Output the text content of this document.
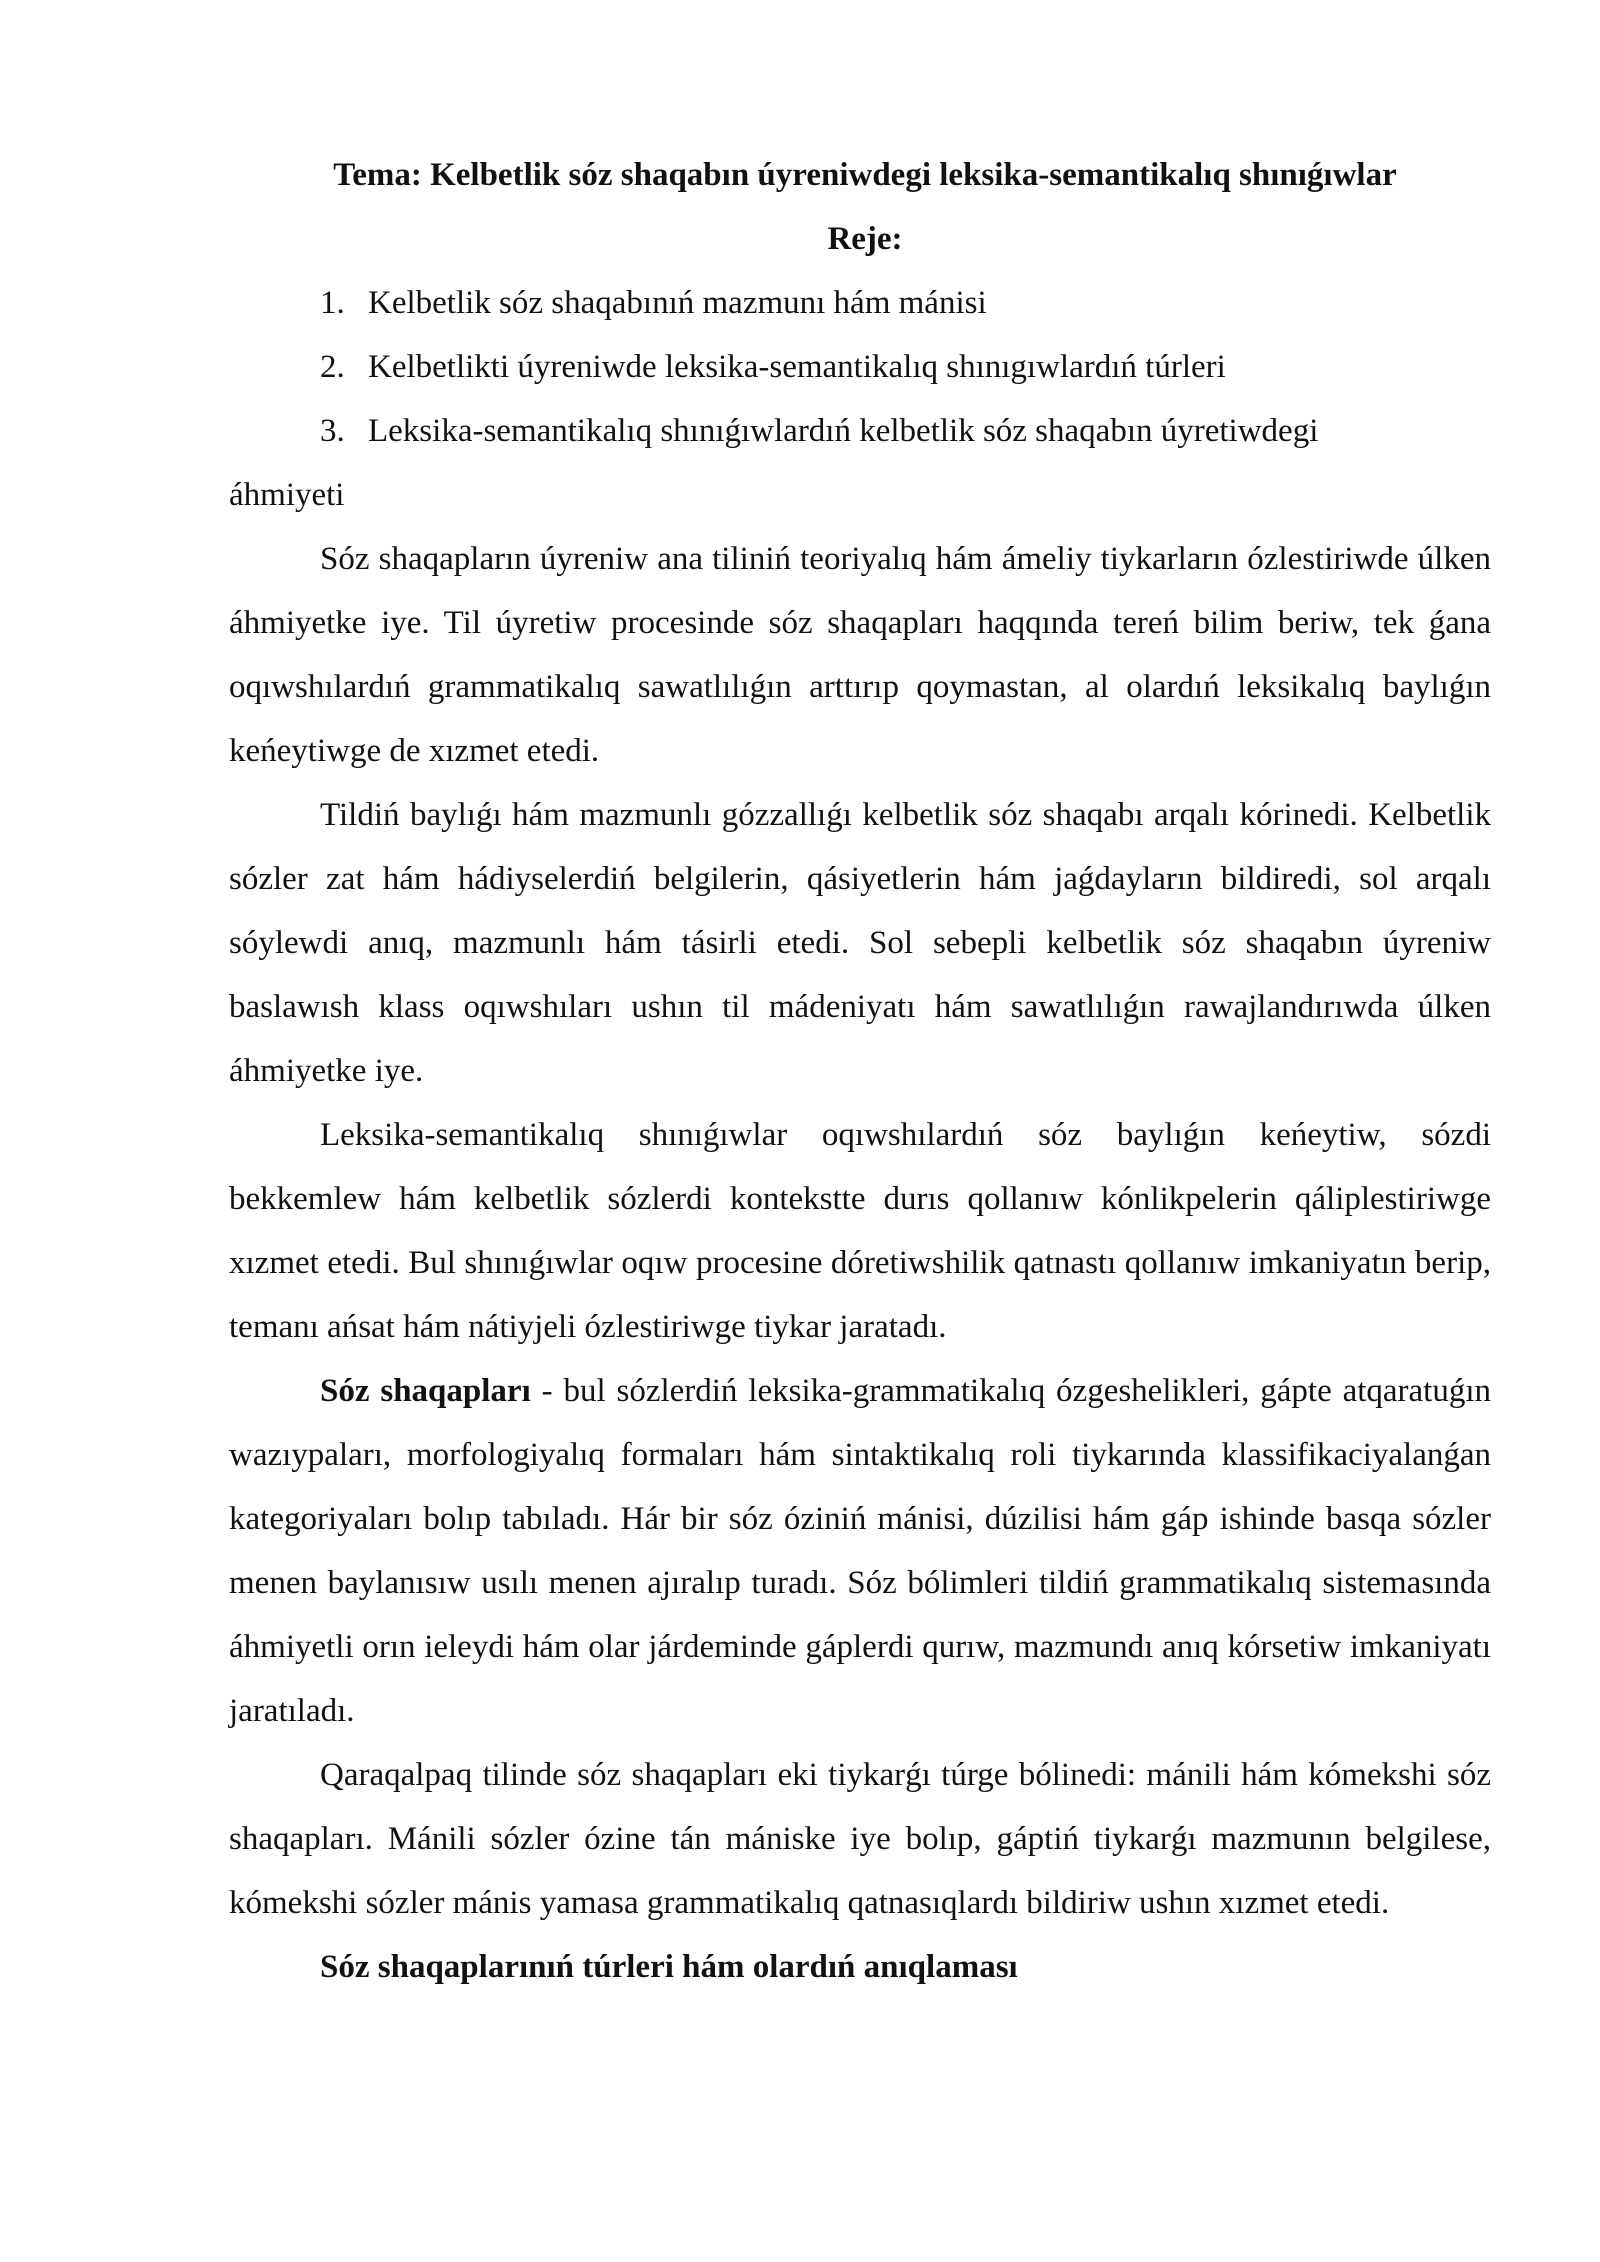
Tema: Kelbetlik sóz shaqabın úyreniwdegi leksika-semantikalıq shınıǵıwlar

Reje:

1. Kelbetlik sóz shaqabınıń mazmunı hám mánisi

2. Kelbetlikti úyreniwde leksika-semantikalıq shınıgıwlardıń túrleri

3. Leksika-semantikalıq shınıǵıwlardıń kelbetlik sóz shaqabın úyretiwdegi

áhmiyeti

Sóz shaqapların úyreniw ana tiliniń teoriyalıq hám ámeliy tiykarların ózlestiriwde úlken áhmiyetke iye. Til úyretiw procesinde sóz shaqapları haqqında tereń bilim beriw, tek ǵana oqıwshılardıń grammatikalıq sawatlılıǵın arttırıp qoymastan, al olardıń leksikalıq baylıǵın keńeytiwge de xızmet etedi.

Tildiń baylıǵı hám mazmunlı gózzallıǵı kelbetlik sóz shaqabı arqalı kórinedi. Kelbetlik sózler zat hám hádiyselerdiń belgilerin, qásiyetlerin hám jaǵdayların bildiredi, sol arqalı sóylewdi anıq, mazmunlı hám tásirli etedi. Sol sebepli kelbetlik sóz shaqabın úyreniw baslawısh klass oqıwshıları ushın til mádeniyatı hám sawatlılıǵın rawajlandırıwda úlken áhmiyetke iye.

Leksika-semantikalıq shınıǵıwlar oqıwshılardıń sóz baylıǵın keńeytiw, sózdi bekkemlew hám kelbetlik sózlerdi kontekstte durıs qollanıw kónlikpelerin qáliplestiriwge xızmet etedi. Bul shınıǵıwlar oqıw procesine dóretiwshilik qatnastı qollanıw imkaniyatın berip, temanı ańsat hám nátiyjeli ózlestiriwge tiykar jaratadı.

Sóz shaqapları - bul sózlerdiń leksika-grammatikalıq ózgeshelikleri, gápte atqaratuǵın wazıypaları, morfologiyalıq formaları hám sintaktikalıq roli tiykarında klassifikaciyalanǵan kategoriyaları bolıp tabıladı. Hár bir sóz óziniń mánisi, dúzilisi hám gáp ishinde basqa sózler menen baylanısıw usılı menen ajıralıp turadı. Sóz bólimleri tildiń grammatikalıq sistemasında áhmiyetli orın ieleydi hám olar járdeminde gáplerdi qurıw, mazmundı anıq kórsetiw imkaniyatı jaratıladı.

Qaraqalpaq tilinde sóz shaqapları eki tiykarǵı túrge bólinedi: mánili hám kómekshi sóz shaqapları. Mánili sózler ózine tán mániske iye bolıp, gáptiń tiykarǵı mazmunın belgilese, kómekshi sózler mánis yamasa grammatikalıq qatnasıqlardı bildiriw ushın xızmet etedi.

Sóz shaqaplarınıń túrleri hám olardıń anıqlaması
